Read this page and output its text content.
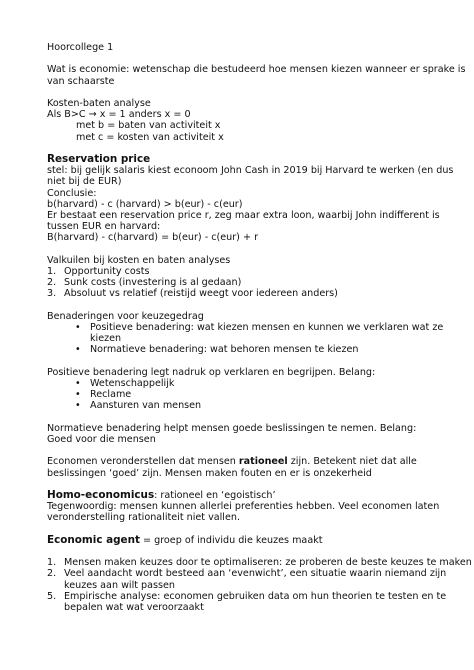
Hoorcollege 1

Wat is economie: wetenschap die bestudeerd hoe mensen kiezen wanneer er sprake is van schaarste

Kosten-baten analyse

Als B>C → x = 1 anders x = 0

met b = baten van activiteit x

met c = kosten van activiteit x

Reservation price

stel: bij gelijk salaris kiest econoom John Cash in 2019 bij Harvard te werken (en dus niet bij de EUR)

Conclusie:

b(harvard) - c (harvard) > b(eur) - c(eur)

Er bestaat een reservation price r, zeg maar extra loon, waarbij John indifferent is tussen EUR en harvard:

B(harvard) - c(harvard) = b(eur) - c(eur) + r

Valkuilen bij kosten en baten analyses

1. Opportunity costs
2. Sunk costs (investering is al gedaan)
3. Absoluut vs relatief (reistijd weegt voor iedereen anders)

Benaderingen voor keuzegedrag

• Positieve benadering: wat kiezen mensen en kunnen we verklaren wat ze kiezen
• Normatieve benadering: wat behoren mensen te kiezen

Positieve benadering legt nadruk op verklaren en begrijpen. Belang:

• Wetenschappelijk
• Reclame
• Aansturen van mensen

Normatieve benadering helpt mensen goede beslissingen te nemen. Belang:

Goed voor die mensen

Economen veronderstellen dat mensen rationeel zijn. Betekent niet dat alle beslissingen ‘goed’ zijn. Mensen maken fouten en er is onzekerheid

Homo-economicus: rationeel en ‘egoistisch’

Tegenwoordig: mensen kunnen allerlei preferenties hebben. Veel economen laten veronderstelling rationaliteit niet vallen.

Economic agent = groep of individu die keuzes maakt

1. Mensen maken keuzes door te optimaliseren: ze proberen de beste keuzes te maken
2. Veel aandacht wordt besteed aan ‘evenwicht’, een situatie waarin niemand zijn keuzes aan wilt passen
5. Empirische analyse: economen gebruiken data om hun theorien te testen en te bepalen wat wat veroorzaakt
